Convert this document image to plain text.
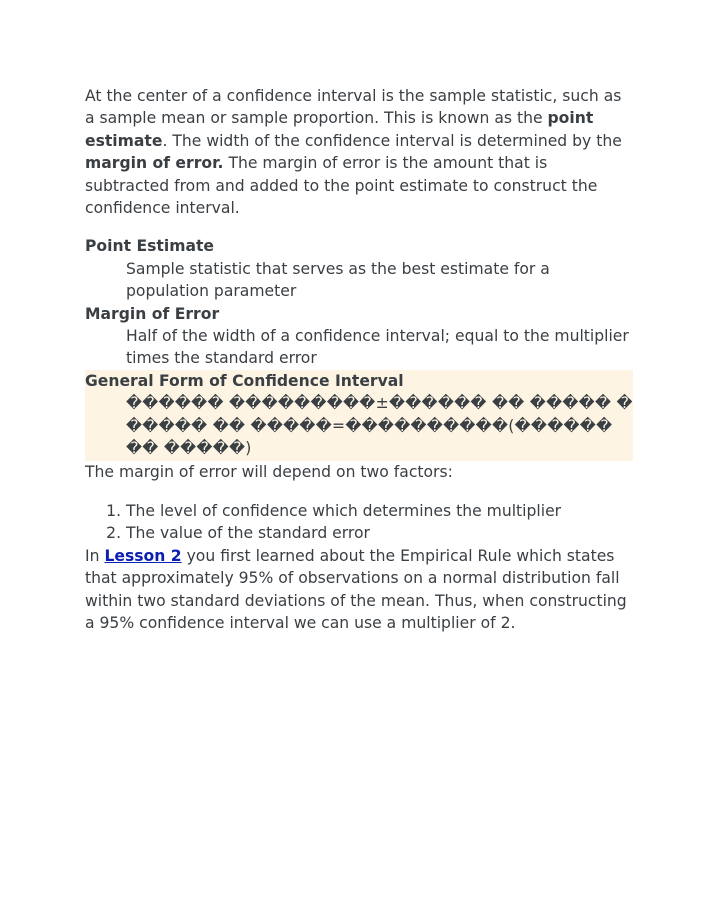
At the center of a confidence interval is the sample statistic, such as a sample mean or sample proportion. This is known as the point estimate. The width of the confidence interval is determined by the margin of error. The margin of error is the amount that is subtracted from and added to the point estimate to construct the confidence interval.

Point Estimate
Sample statistic that serves as the best estimate for a population parameter
Margin of Error
Half of the width of a confidence interval; equal to the multiplier times the standard error
General Form of Confidence Interval
������ ���������±������ �� ����� ������ �� �����=����������(������ �� �����)

The margin of error will depend on two factors:

1. The level of confidence which determines the multiplier
2. The value of the standard error

In Lesson 2 you first learned about the Empirical Rule which states that approximately 95% of observations on a normal distribution fall within two standard deviations of the mean. Thus, when constructing a 95% confidence interval we can use a multiplier of 2.
